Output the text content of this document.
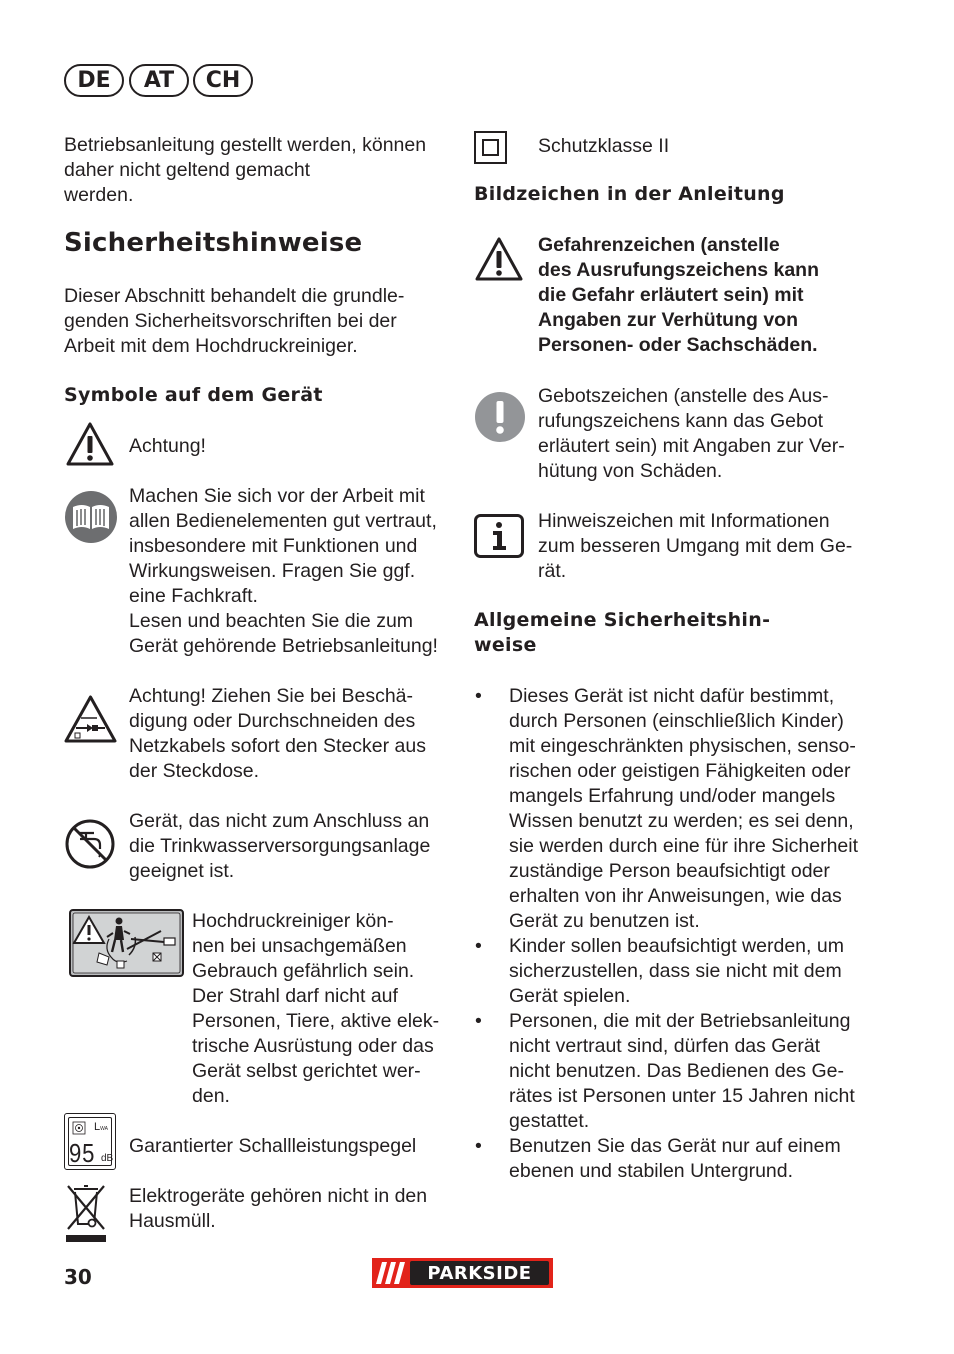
DE	AT	CH
Betriebsanleitung gestellt werden, können
daher nicht geltend gemacht
werden.
Sicherheitshinweise
Dieser Abschnitt behandelt die grundle-
genden Sicherheitsvorschriften bei der
Arbeit mit dem Hochdruckreiniger.
Symbole auf dem Gerät
Achtung!
Machen Sie sich vor der Arbeit mit
allen Bedienelementen gut vertraut,
insbesondere mit Funktionen und
Wirkungsweisen. Fragen Sie ggf.
eine Fachkraft.
Lesen und beachten Sie die zum
Gerät gehörende Betriebsanleitung!
Achtung! Ziehen Sie bei Beschä-
digung oder Durchschneiden des
Netzkabels sofort den Stecker aus
der Steckdose.
Gerät, das nicht zum Anschluss an
die Trinkwasserversorgungsanlage
geeignet ist.
Hochdruckreiniger kön-
nen bei unsachgemäßen
Gebrauch gefährlich sein.
Der Strahl darf nicht auf
Personen, Tiere, aktive elek-
trische Ausrüstung oder das
Gerät selbst gerichtet wer-
den.
LWA
95 dB
Garantierter Schallleistungspegel
Elektrogeräte gehören nicht in den
Hausmüll.
Schutzklasse II
Bildzeichen in der Anleitung
Gefahrenzeichen (anstelle
des Ausrufungszeichens kann
die Gefahr erläutert sein) mit
Angaben zur Verhütung von
Personen- oder Sachschäden.
Gebotszeichen (anstelle des Aus-
rufungszeichens kann das Gebot
erläutert sein) mit Angaben zur Ver-
hütung von Schäden.
Hinweiszeichen mit Informationen
zum besseren Umgang mit dem Ge-
rät.
Allgemeine Sicherheitshin-
weise
• Dieses Gerät ist nicht dafür bestimmt,
durch Personen (einschließlich Kinder)
mit eingeschränkten physischen, senso-
rischen oder geistigen Fähigkeiten oder
mangels Erfahrung und/oder mangels
Wissen benutzt zu werden; es sei denn,
sie werden durch eine für ihre Sicherheit
zuständige Person beaufsichtigt oder
erhalten von ihr Anweisungen, wie das
Gerät zu benutzen ist.
• Kinder sollen beaufsichtigt werden, um
sicherzustellen, dass sie nicht mit dem
Gerät spielen.
• Personen, die mit der Betriebsanleitung
nicht vertraut sind, dürfen das Gerät
nicht benutzen. Das Bedienen des Ge-
rätes ist Personen unter 15 Jahren nicht
gestattet.
• Benutzen Sie das Gerät nur auf einem
ebenen und stabilen Untergrund.
30	PARKSIDE
